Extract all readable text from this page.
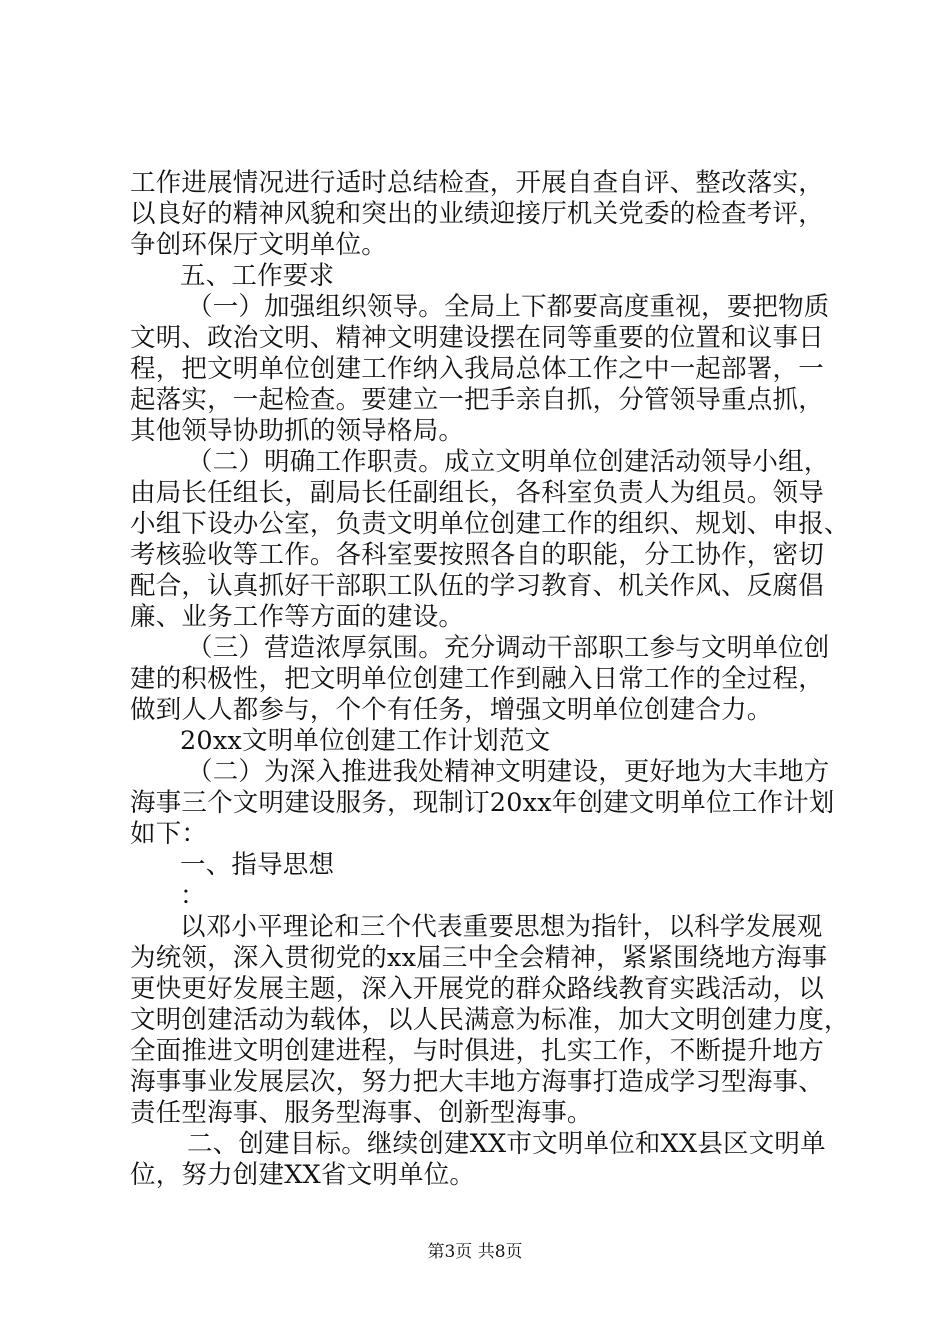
工作进展情况进行适时总结检查，开展自查自评、整改落实，
以良好的精神风貌和突出的业绩迎接厅机关党委的检查考评，
争创环保厅文明单位。
五、工作要求
（一）加强组织领导。全局上下都要高度重视，要把物质
文明、政治文明、精神文明建设摆在同等重要的位置和议事日
程，把文明单位创建工作纳入我局总体工作之中一起部署，一
起落实，一起检查。要建立一把手亲自抓，分管领导重点抓，
其他领导协助抓的领导格局。
（二）明确工作职责。成立文明单位创建活动领导小组，
由局长任组长，副局长任副组长，各科室负责人为组员。领导
小组下设办公室，负责文明单位创建工作的组织、规划、申报、
考核验收等工作。各科室要按照各自的职能，分工协作，密切
配合，认真抓好干部职工队伍的学习教育、机关作风、反腐倡
廉、业务工作等方面的建设。
（三）营造浓厚氛围。充分调动干部职工参与文明单位创
建的积极性，把文明单位创建工作到融入日常工作的全过程，
做到人人都参与，个个有任务，增强文明单位创建合力。
20xx文明单位创建工作计划范文
（二）为深入推进我处精神文明建设，更好地为大丰地方
海事三个文明建设服务，现制订20xx年创建文明单位工作计划
如下：
一、指导思想
：
以邓小平理论和三个代表重要思想为指针，以科学发展观
为统领，深入贯彻党的xx届三中全会精神，紧紧围绕地方海事
更快更好发展主题，深入开展党的群众路线教育实践活动，以
文明创建活动为载体，以人民满意为标准，加大文明创建力度，
全面推进文明创建进程，与时俱进，扎实工作，不断提升地方
海事事业发展层次，努力把大丰地方海事打造成学习型海事、
责任型海事、服务型海事、创新型海事。
二、创建目标。继续创建XX市文明单位和XX县区文明单
位，努力创建XX省文明单位。
第3页 共8页
